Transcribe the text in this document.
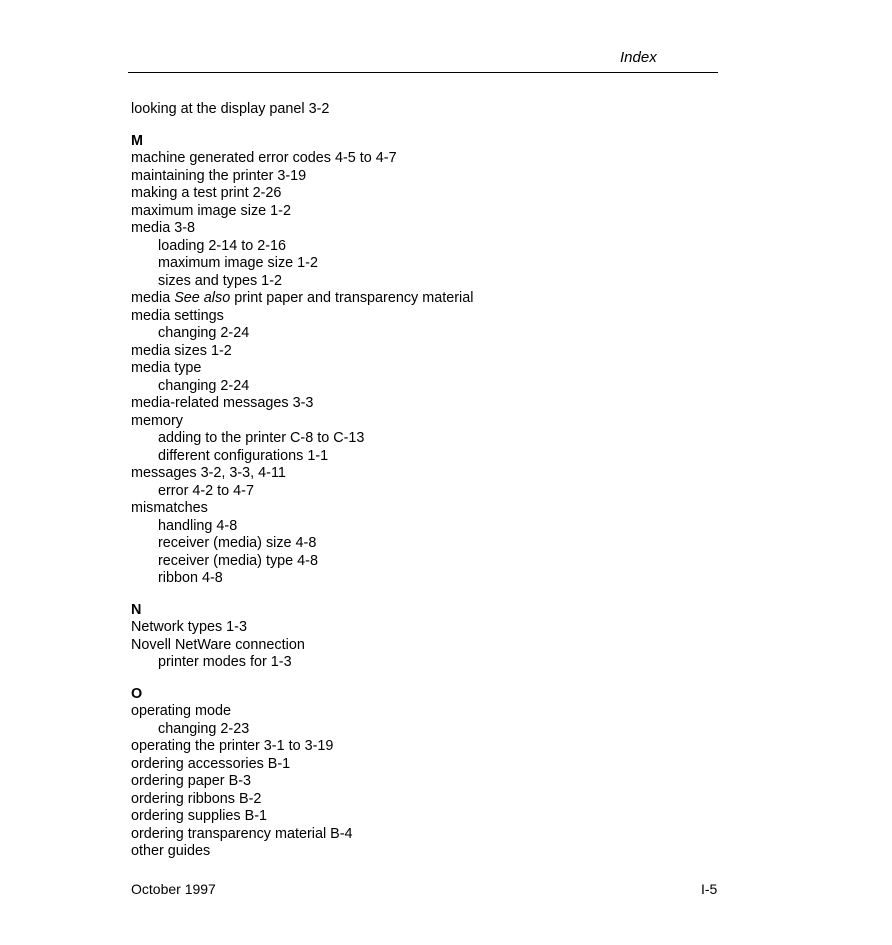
Index
looking at the display panel 3-2
M
machine generated error codes 4-5 to 4-7
maintaining the printer 3-19
making a test print 2-26
maximum image size 1-2
media 3-8
loading 2-14 to 2-16
maximum image size 1-2
sizes and types 1-2
media See also print paper and transparency material
media settings
changing 2-24
media sizes 1-2
media type
changing 2-24
media-related messages 3-3
memory
adding to the printer C-8 to C-13
different configurations 1-1
messages 3-2, 3-3, 4-11
error 4-2 to 4-7
mismatches
handling 4-8
receiver (media) size 4-8
receiver (media) type 4-8
ribbon 4-8
N
Network types 1-3
Novell NetWare connection
printer modes for 1-3
O
operating mode
changing 2-23
operating the printer 3-1 to 3-19
ordering accessories B-1
ordering paper B-3
ordering ribbons B-2
ordering supplies B-1
ordering transparency material B-4
other guides
October 1997	I-5
